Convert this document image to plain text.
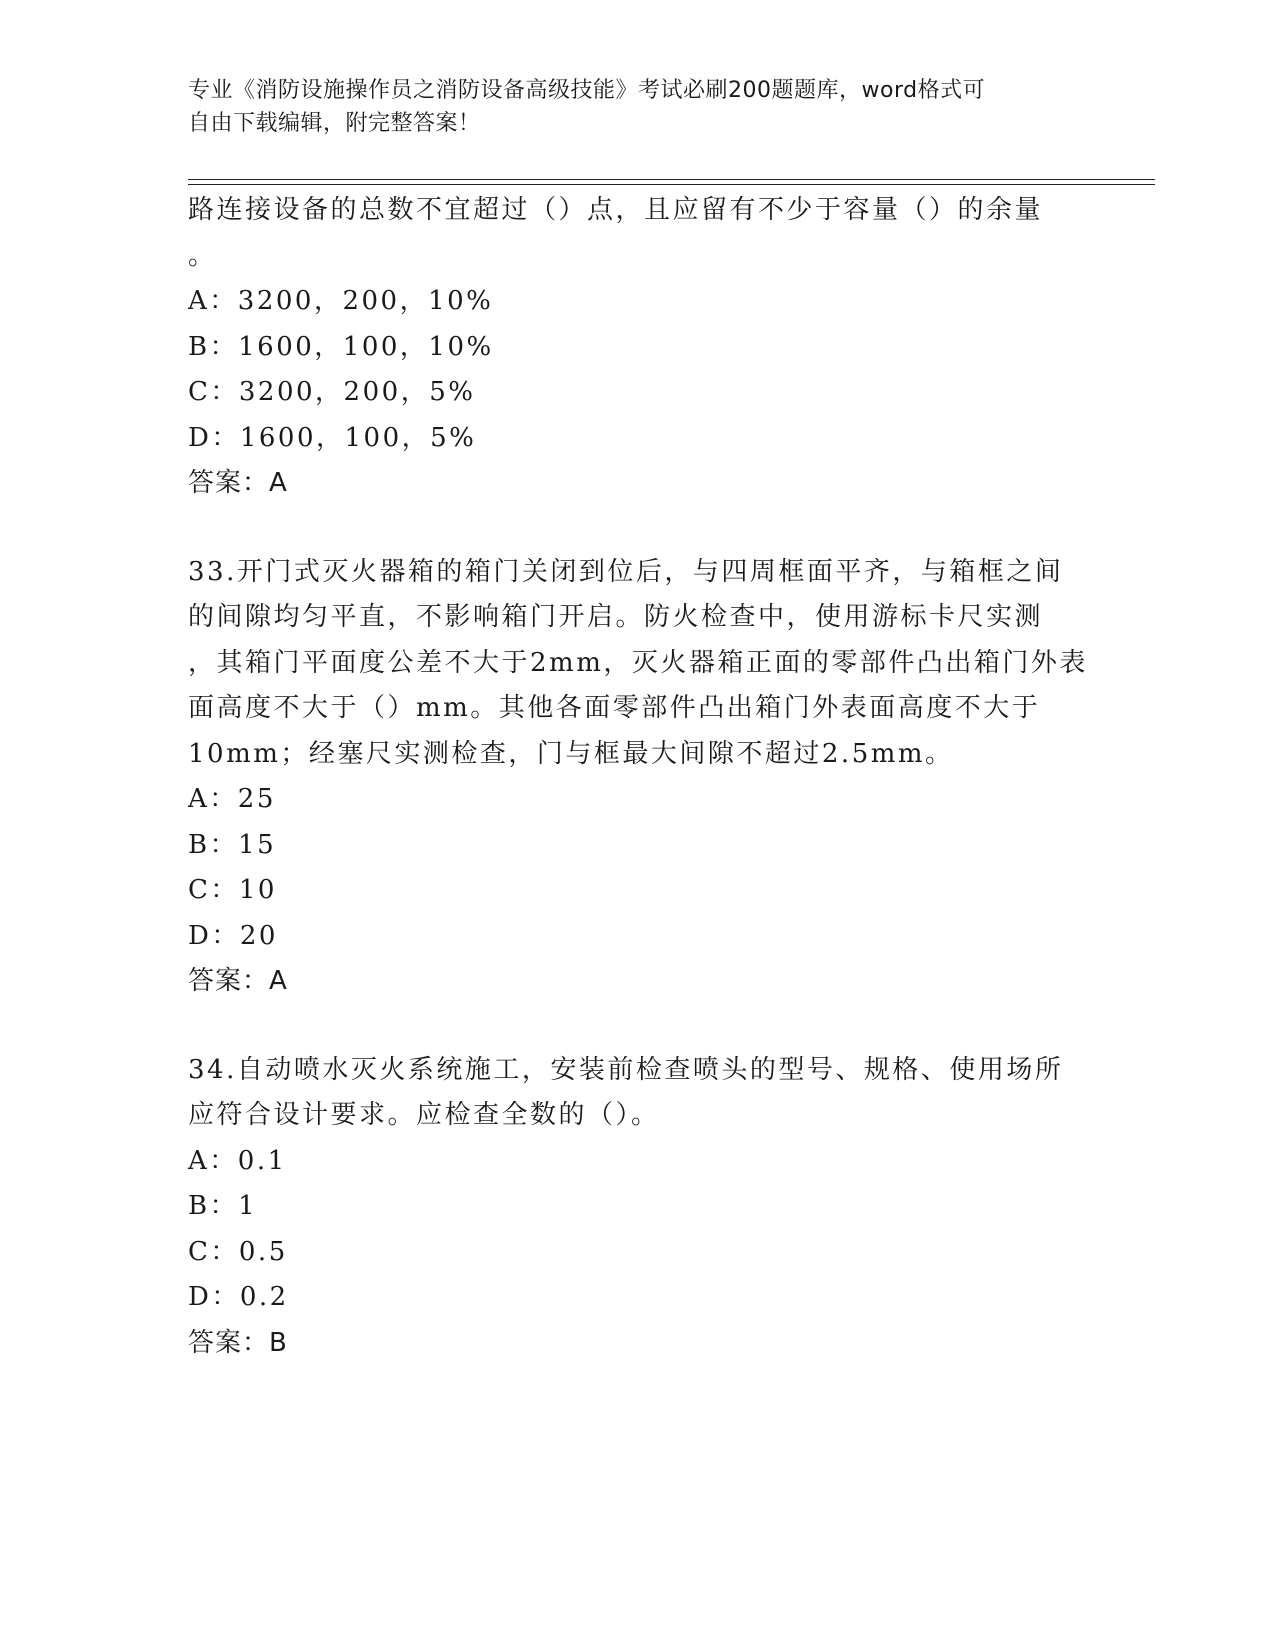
专业《消防设施操作员之消防设备高级技能》考试必刷200题题库，word格式可
自由下载编辑，附完整答案！
路连接设备的总数不宜超过（）点，且应留有不少于容量（）的余量
。
A：3200，200，10%
B：1600，100，10%
C：3200，200，5%
D：1600，100，5%
答案：A
33.开门式灭火器箱的箱门关闭到位后，与四周框面平齐，与箱框之间
的间隙均匀平直，不影响箱门开启。防火检查中，使用游标卡尺实测
，其箱门平面度公差不大于2mm，灭火器箱正面的零部件凸出箱门外表
面高度不大于（）mm。其他各面零部件凸出箱门外表面高度不大于
10mm；经塞尺实测检查，门与框最大间隙不超过2.5mm。
A：25
B：15
C：10
D：20
答案：A
34.自动喷水灭火系统施工，安装前检查喷头的型号、规格、使用场所
应符合设计要求。应检查全数的（）。
A：0.1
B：1
C：0.5
D：0.2
答案：B
